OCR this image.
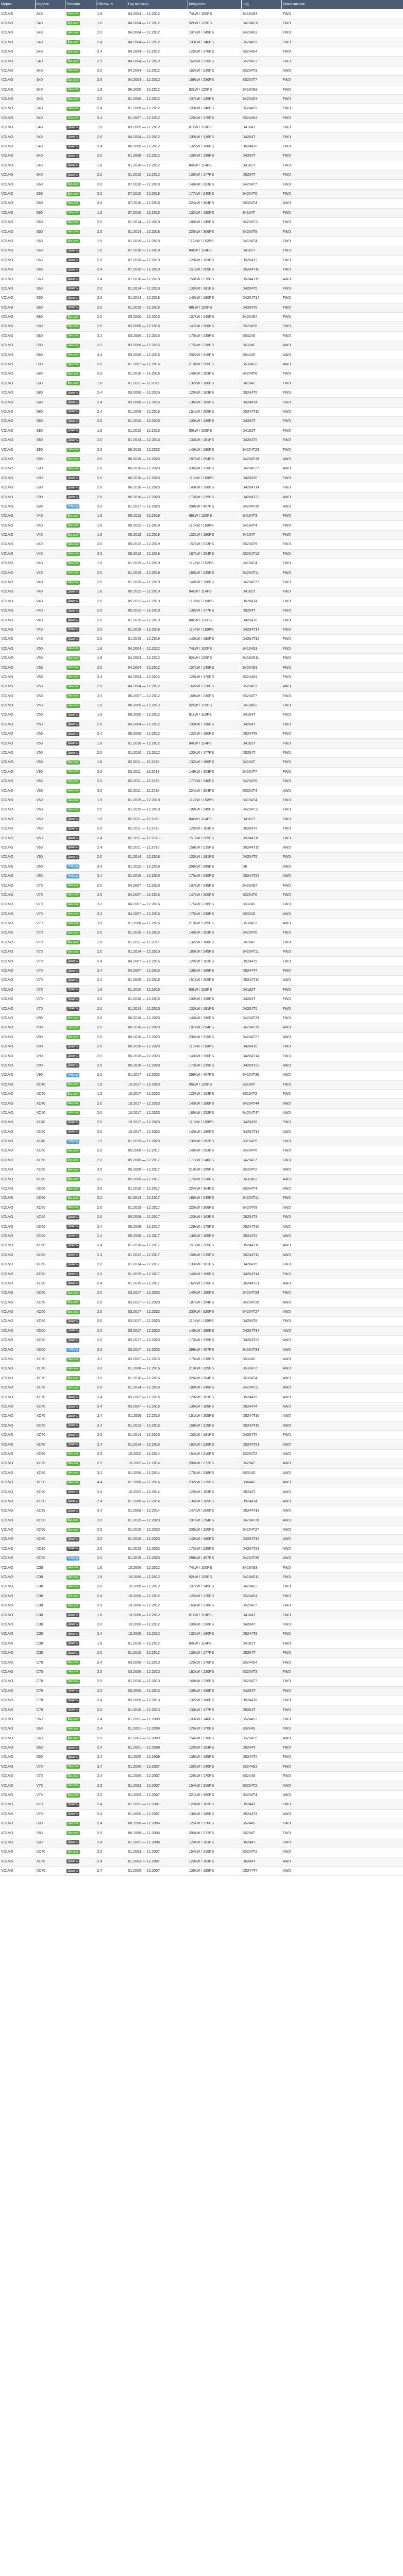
Марка	Модель	Топливо	Объём, л	Год выпуска	Мощность	Код	Трансмиссия
VOLVO	S40	Бензин	1.6	04.2004 — 12.2012	74kW / 100PS	B4164S3	FWD
VOLVO	S40	Бензин	1.8	04.2004 — 12.2012	92kW / 125PS	B4184S11	FWD
VOLVO	S40	Бензин	2.0	04.2004 — 12.2012	107kW / 145PS	B4204S3	FWD
VOLVO	S40	Бензин	2.4	04.2004 — 12.2012	103kW / 140PS	B5244S5	FWD
VOLVO	S40	Бензин	2.4	04.2004 — 12.2012	125kW / 170PS	B5244S4	FWD
VOLVO	S40	Бензин	2.5	04.2004 — 12.2012	162kW / 220PS	B5254T3	FWD
VOLVO	S40	Бензин	2.5	04.2004 — 12.2012	162kW / 220PS	B5254T3	AWD
VOLVO	S40	Бензин	2.5	04.2004 — 12.2012	169kW / 230PS	B5254T7	FWD
VOLVO	S40	Бензин	1.8	06.2005 — 12.2012	92kW / 125PS	B4184S8	FWD
VOLVO	S40	Бензин	2.0	01.2006 — 12.2012	107kW / 145PS	B4204S3	FWD
VOLVO	S40	Бензин	2.4	01.2006 — 12.2012	103kW / 140PS	B5244S5	FWD
VOLVO	S40	Бензин	2.4	01.2007 — 12.2012	125kW / 170PS	B5244S4	FWD
VOLVO	S40	Дизель	1.6	09.2005 — 12.2012	81kW / 110PS	D4164T	FWD
VOLVO	S40	Дизель	2.0	04.2004 — 12.2012	100kW / 136PS	D4204T	FWD
VOLVO	S40	Дизель	2.4	06.2006 — 12.2012	132kW / 180PS	D5244T8	FWD
VOLVO	S40	Дизель	2.0	01.2008 — 12.2012	100kW / 136PS	D4204T	FWD
VOLVO	S40	Дизель	1.6	01.2010 — 12.2012	84kW / 114PS	D4162T	FWD
VOLVO	S40	Дизель	2.0	01.2010 — 12.2012	130kW / 177PS	D5204T	FWD
VOLVO	S60	Бензин	2.0	07.2010 — 12.2018	149kW / 203PS	B4204T7	FWD
VOLVO	S60	Бензин	2.0	07.2010 — 12.2018	177kW / 240PS	B4204T6	FWD
VOLVO	S60	Бензин	3.0	07.2010 — 12.2018	224kW / 304PS	B6304T4	AWD
VOLVO	S60	Бензин	1.6	07.2010 — 12.2018	132kW / 180PS	B4164T	FWD
VOLVO	S60	Бензин	2.0	01.2014 — 12.2018	180kW / 245PS	B4204T11	FWD
VOLVO	S60	Бензин	2.0	01.2014 — 12.2018	225kW / 306PS	B4204T9	FWD
VOLVO	S60	Бензин	1.5	01.2015 — 12.2018	112kW / 152PS	B4154T4	FWD
VOLVO	S60	Дизель	1.6	07.2010 — 12.2018	84kW / 114PS	D4162T	FWD
VOLVO	S60	Дизель	2.0	07.2010 — 12.2018	120kW / 163PS	D5204T3	FWD
VOLVO	S60	Дизель	2.4	07.2010 — 12.2018	151kW / 205PS	D5244T10	FWD
VOLVO	S60	Дизель	2.4	07.2010 — 12.2018	158kW / 215PS	D5244T15	AWD
VOLVO	S60	Дизель	2.0	01.2014 — 12.2018	133kW / 181PS	D4204T5	FWD
VOLVO	S60	Дизель	2.0	01.2014 — 12.2018	140kW / 190PS	D4204T14	FWD
VOLVO	S60	Дизель	2.0	01.2015 — 12.2018	88kW / 120PS	D4204T8	FWD
VOLVO	S80	Бензин	2.0	03.2006 — 12.2016	107kW / 145PS	B4204S4	FWD
VOLVO	S80	Бензин	2.5	03.2006 — 12.2016	147kW / 200PS	B5254T6	FWD
VOLVO	S80	Бензин	3.2	03.2006 — 12.2016	175kW / 238PS	B6324S	FWD
VOLVO	S80	Бензин	3.2	03.2006 — 12.2016	175kW / 238PS	B6324S	AWD
VOLVO	S80	Бензин	4.4	03.2006 — 12.2016	232kW / 315PS	B8444S	AWD
VOLVO	S80	Бензин	3.0	01.2007 — 12.2016	210kW / 285PS	B6304T2	AWD
VOLVO	S80	Бензин	2.0	01.2010 — 12.2016	149kW / 203PS	B4204T6	FWD
VOLVO	S80	Бензин	1.6	01.2011 — 12.2016	132kW / 180PS	B4164T	FWD
VOLVO	S80	Дизель	2.4	03.2006 — 12.2016	120kW / 163PS	D5244T5	FWD
VOLVO	S80	Дизель	2.4	03.2006 — 12.2016	136kW / 185PS	D5244T4	FWD
VOLVO	S80	Дизель	2.4	01.2009 — 12.2016	151kW / 205PS	D5244T10	AWD
VOLVO	S80	Дизель	2.0	01.2010 — 12.2016	100kW / 136PS	D4204T	FWD
VOLVO	S80	Дизель	1.6	01.2010 — 12.2016	80kW / 109PS	D4162T	FWD
VOLVO	S80	Дизель	2.0	01.2014 — 12.2016	133kW / 181PS	D4204T5	FWD
VOLVO	S90	Бензин	2.0	06.2016 — 12.2023	140kW / 190PS	B4204T23	FWD
VOLVO	S90	Бензин	2.0	06.2016 — 12.2023	187kW / 254PS	B4204T19	AWD
VOLVO	S90	Бензин	2.0	06.2016 — 12.2023	235kW / 320PS	B4204T27	AWD
VOLVO	S90	Дизель	2.0	06.2016 — 12.2023	110kW / 150PS	D4204T8	FWD
VOLVO	S90	Дизель	2.0	06.2016 — 12.2023	140kW / 190PS	D4204T14	FWD
VOLVO	S90	Дизель	2.0	06.2016 — 12.2023	173kW / 235PS	D4204T23	AWD
VOLVO	S90	Гибрид	2.0	01.2017 — 12.2023	299kW / 407PS	B4204T35	AWD
VOLVO	V40	Бензин	1.6	05.2012 — 12.2019	88kW / 120PS	B4164T3	FWD
VOLVO	V40	Бензин	1.6	05.2012 — 12.2019	110kW / 150PS	B4164T4	FWD
VOLVO	V40	Бензин	1.6	05.2012 — 12.2019	132kW / 180PS	B4164T	FWD
VOLVO	V40	Бензин	2.0	05.2012 — 12.2019	157kW / 213PS	B5204T9	FWD
VOLVO	V40	Бензин	2.5	05.2012 — 12.2019	187kW / 254PS	B5254T12	FWD
VOLVO	V40	Бензин	1.5	01.2015 — 12.2019	112kW / 152PS	B4154T4	FWD
VOLVO	V40	Бензин	2.0	01.2015 — 12.2019	180kW / 245PS	B4204T11	FWD
VOLVO	V40	Бензин	2.0	01.2015 — 12.2019	140kW / 190PS	B4204T37	FWD
VOLVO	V40	Дизель	1.6	05.2012 — 12.2019	84kW / 114PS	D4162T	FWD
VOLVO	V40	Дизель	2.0	05.2012 — 12.2019	110kW / 150PS	D5204T4	FWD
VOLVO	V40	Дизель	2.0	05.2012 — 12.2019	130kW / 177PS	D5204T	FWD
VOLVO	V40	Дизель	2.0	01.2015 — 12.2019	88kW / 120PS	D4204T8	FWD
VOLVO	V40	Дизель	2.0	01.2015 — 12.2019	110kW / 150PS	D4204T14	FWD
VOLVO	V40	Дизель	2.0	01.2015 — 12.2019	140kW / 190PS	D4204T12	FWD
VOLVO	V50	Бензин	1.6	04.2004 — 12.2012	74kW / 100PS	B4164S3	FWD
VOLVO	V50	Бензин	1.8	04.2004 — 12.2012	92kW / 125PS	B4184S11	FWD
VOLVO	V50	Бензин	2.0	04.2004 — 12.2012	107kW / 145PS	B4204S3	FWD
VOLVO	V50	Бензин	2.4	04.2004 — 12.2012	125kW / 170PS	B5244S4	FWD
VOLVO	V50	Бензин	2.5	04.2004 — 12.2012	162kW / 220PS	B5254T3	AWD
VOLVO	V50	Бензин	2.5	06.2007 — 12.2012	169kW / 230PS	B5254T7	FWD
VOLVO	V50	Бензин	1.8	06.2005 — 12.2012	92kW / 125PS	B4184S8	FWD
VOLVO	V50	Дизель	1.6	09.2005 — 12.2012	81kW / 110PS	D4164T	FWD
VOLVO	V50	Дизель	2.0	04.2004 — 12.2012	100kW / 136PS	D4204T	FWD
VOLVO	V50	Дизель	2.4	06.2006 — 12.2012	132kW / 180PS	D5244T8	FWD
VOLVO	V50	Дизель	1.6	01.2010 — 12.2012	84kW / 114PS	D4162T	FWD
VOLVO	V50	Дизель	2.0	01.2010 — 12.2012	130kW / 177PS	D5204T	FWD
VOLVO	V60	Бензин	1.6	02.2011 — 12.2018	132kW / 180PS	B4164T	FWD
VOLVO	V60	Бензин	2.0	02.2011 — 12.2018	149kW / 203PS	B4204T7	FWD
VOLVO	V60	Бензин	2.0	02.2011 — 12.2018	177kW / 240PS	B4204T6	FWD
VOLVO	V60	Бензин	3.0	02.2011 — 12.2018	224kW / 304PS	B6304T4	AWD
VOLVO	V60	Бензин	1.5	01.2015 — 12.2018	112kW / 152PS	B4154T4	FWD
VOLVO	V60	Бензин	2.0	01.2015 — 12.2018	180kW / 245PS	B4204T11	FWD
VOLVO	V60	Дизель	1.6	02.2011 — 12.2018	84kW / 114PS	D4162T	FWD
VOLVO	V60	Дизель	2.0	02.2011 — 12.2018	120kW / 163PS	D5204T3	FWD
VOLVO	V60	Дизель	2.4	02.2011 — 12.2018	151kW / 205PS	D5244T10	FWD
VOLVO	V60	Дизель	2.4	02.2011 — 12.2018	158kW / 215PS	D5244T15	AWD
VOLVO	V60	Дизель	2.0	01.2014 — 12.2018	133kW / 181PS	D4204T5	FWD
VOLVO	V60	Гибрид	2.4	01.2012 — 12.2018	209kW / 285PS	D6	AWD
VOLVO	V60	Гибрид	2.4	01.2015 — 12.2018	170kW / 230PS	D5244T22	AWD
VOLVO	V70	Бензин	2.0	04.2007 — 12.2016	107kW / 145PS	B4204S4	FWD
VOLVO	V70	Бензин	2.5	04.2007 — 12.2016	147kW / 200PS	B5254T6	FWD
VOLVO	V70	Бензин	3.2	04.2007 — 12.2016	175kW / 238PS	B6324S	FWD
VOLVO	V70	Бензин	3.2	04.2007 — 12.2016	175kW / 238PS	B6324S	AWD
VOLVO	V70	Бензин	3.0	01.2008 — 12.2016	210kW / 285PS	B6304T2	AWD
VOLVO	V70	Бензин	2.0	01.2010 — 12.2016	149kW / 203PS	B4204T6	FWD
VOLVO	V70	Бензин	1.6	01.2011 — 12.2016	132kW / 180PS	B4164T	FWD
VOLVO	V70	Бензин	2.0	01.2014 — 12.2016	180kW / 245PS	B4204T11	FWD
VOLVO	V70	Дизель	2.4	04.2007 — 12.2016	120kW / 163PS	D5244T5	FWD
VOLVO	V70	Дизель	2.4	04.2007 — 12.2016	136kW / 185PS	D5244T4	FWD
VOLVO	V70	Дизель	2.4	01.2009 — 12.2016	151kW / 205PS	D5244T10	AWD
VOLVO	V70	Дизель	1.6	01.2010 — 12.2016	80kW / 109PS	D4162T	FWD
VOLVO	V70	Дизель	2.0	01.2010 — 12.2016	100kW / 136PS	D4204T	FWD
VOLVO	V70	Дизель	2.0	01.2014 — 12.2016	133kW / 181PS	D4204T5	FWD
VOLVO	V90	Бензин	2.0	06.2016 — 12.2023	140kW / 190PS	B4204T23	FWD
VOLVO	V90	Бензин	2.0	06.2016 — 12.2023	187kW / 254PS	B4204T19	AWD
VOLVO	V90	Бензин	2.0	06.2016 — 12.2023	235kW / 320PS	B4204T27	AWD
VOLVO	V90	Дизель	2.0	06.2016 — 12.2023	110kW / 150PS	D4204T8	FWD
VOLVO	V90	Дизель	2.0	06.2016 — 12.2023	140kW / 190PS	D4204T14	FWD
VOLVO	V90	Дизель	2.0	06.2016 — 12.2023	173kW / 235PS	D4204T23	AWD
VOLVO	V90	Гибрид	2.0	01.2017 — 12.2023	299kW / 407PS	B4204T35	AWD
VOLVO	XC40	Бензин	1.5	10.2017 — 12.2023	95kW / 129PS	B3154T	FWD
VOLVO	XC40	Бензин	1.5	10.2017 — 12.2023	120kW / 163PS	B3154T2	FWD
VOLVO	XC40	Бензин	2.0	10.2017 — 12.2023	140kW / 190PS	B4204T44	AWD
VOLVO	XC40	Бензин	2.0	10.2017 — 12.2023	185kW / 252PS	B4204T47	AWD
VOLVO	XC40	Дизель	2.0	10.2017 — 12.2023	110kW / 150PS	D4204T8	FWD
VOLVO	XC40	Дизель	2.0	10.2017 — 12.2023	140kW / 190PS	D4204T14	AWD
VOLVO	XC40	Гибрид	1.5	01.2019 — 12.2023	192kW / 262PS	B3154T5	FWD
VOLVO	XC60	Бензин	2.0	05.2008 — 12.2017	149kW / 203PS	B4204T6	FWD
VOLVO	XC60	Бензин	2.0	05.2008 — 12.2017	177kW / 240PS	B4204T7	FWD
VOLVO	XC60	Бензин	3.0	05.2008 — 12.2017	210kW / 285PS	B6304T2	AWD
VOLVO	XC60	Бензин	3.2	05.2008 — 12.2017	175kW / 238PS	B6324S5	AWD
VOLVO	XC60	Бензин	3.0	01.2010 — 12.2017	224kW / 304PS	B6304T4	AWD
VOLVO	XC60	Бензин	2.0	01.2014 — 12.2017	180kW / 245PS	B4204T11	FWD
VOLVO	XC60	Бензин	2.0	01.2015 — 12.2017	225kW / 306PS	B4204T9	AWD
VOLVO	XC60	Дизель	2.0	05.2008 — 12.2017	120kW / 163PS	D5204T3	FWD
VOLVO	XC60	Дизель	2.4	05.2008 — 12.2017	129kW / 175PS	D5244T15	AWD
VOLVO	XC60	Дизель	2.4	05.2008 — 12.2017	136kW / 185PS	D5244T4	AWD
VOLVO	XC60	Дизель	2.4	01.2010 — 12.2017	151kW / 205PS	D5244T10	AWD
VOLVO	XC60	Дизель	2.4	01.2012 — 12.2017	158kW / 215PS	D5244T11	AWD
VOLVO	XC60	Дизель	2.0	01.2014 — 12.2017	133kW / 181PS	D4204T5	FWD
VOLVO	XC60	Дизель	2.0	01.2015 — 12.2017	140kW / 190PS	D4204T14	FWD
VOLVO	XC60	Дизель	2.4	01.2015 — 12.2017	162kW / 220PS	D5244T21	AWD
VOLVO	XC60	Бензин	2.0	03.2017 — 12.2023	140kW / 190PS	B4204T23	FWD
VOLVO	XC60	Бензин	2.0	03.2017 — 12.2023	187kW / 254PS	B4204T26	AWD
VOLVO	XC60	Бензин	2.0	03.2017 — 12.2023	235kW / 320PS	B4204T27	AWD
VOLVO	XC60	Дизель	2.0	03.2017 — 12.2023	110kW / 150PS	D4204T8	FWD
VOLVO	XC60	Дизель	2.0	03.2017 — 12.2023	140kW / 190PS	D4204T14	AWD
VOLVO	XC60	Дизель	2.0	03.2017 — 12.2023	173kW / 235PS	D4204T23	AWD
VOLVO	XC60	Гибрид	2.0	03.2017 — 12.2023	299kW / 407PS	B4204T34	AWD
VOLVO	XC70	Бензин	3.2	03.2007 — 12.2016	175kW / 238PS	B6324S	AWD
VOLVO	XC70	Бензин	3.0	01.2008 — 12.2016	210kW / 285PS	B6304T2	AWD
VOLVO	XC70	Бензин	3.0	01.2010 — 12.2016	224kW / 304PS	B6304T4	AWD
VOLVO	XC70	Бензин	2.0	01.2014 — 12.2016	180kW / 245PS	B4204T11	AWD
VOLVO	XC70	Дизель	2.4	03.2007 — 12.2016	120kW / 163PS	D5244T5	AWD
VOLVO	XC70	Дизель	2.4	03.2007 — 12.2016	136kW / 185PS	D5244T4	AWD
VOLVO	XC70	Дизель	2.4	01.2009 — 12.2016	151kW / 205PS	D5244T10	AWD
VOLVO	XC70	Дизель	2.4	01.2012 — 12.2016	158kW / 215PS	D5244T15	AWD
VOLVO	XC70	Дизель	2.0	01.2014 — 12.2016	133kW / 181PS	D4204T5	FWD
VOLVO	XC70	Дизель	2.4	01.2014 — 12.2016	162kW / 220PS	D5244T21	AWD
VOLVO	XC90	Бензин	2.5	10.2002 — 12.2014	154kW / 210PS	B5254T2	AWD
VOLVO	XC90	Бензин	2.9	10.2002 — 12.2014	200kW / 272PS	B6294T	AWD
VOLVO	XC90	Бензин	3.2	01.2006 — 12.2014	175kW / 238PS	B6324S	AWD
VOLVO	XC90	Бензин	4.4	01.2006 — 12.2014	232kW / 315PS	B8444S	AWD
VOLVO	XC90	Дизель	2.4	10.2002 — 12.2014	120kW / 163PS	D5244T	AWD
VOLVO	XC90	Дизель	2.4	01.2006 — 12.2014	136kW / 185PS	D5244T4	AWD
VOLVO	XC90	Дизель	2.4	01.2009 — 12.2014	147kW / 200PS	D5244T18	AWD
VOLVO	XC90	Бензин	2.0	01.2015 — 12.2023	187kW / 254PS	B4204T26	AWD
VOLVO	XC90	Бензин	2.0	01.2015 — 12.2023	235kW / 320PS	B4204T27	AWD
VOLVO	XC90	Дизель	2.0	01.2015 — 12.2023	140kW / 190PS	D4204T14	AWD
VOLVO	XC90	Дизель	2.0	01.2015 — 12.2023	173kW / 235PS	D4204T23	AWD
VOLVO	XC90	Гибрид	2.0	01.2015 — 12.2023	299kW / 407PS	B4204T35	AWD
VOLVO	C30	Бензин	1.6	10.2006 — 12.2012	74kW / 100PS	B4164S3	FWD
VOLVO	C30	Бензин	1.8	10.2006 — 12.2012	92kW / 125PS	B4184S11	FWD
VOLVO	C30	Бензин	2.0	10.2006 — 12.2012	107kW / 145PS	B4204S3	FWD
VOLVO	C30	Бензин	2.4	10.2006 — 12.2012	125kW / 170PS	B5244S4	FWD
VOLVO	C30	Бензин	2.5	10.2006 — 12.2012	169kW / 230PS	B5254T7	FWD
VOLVO	C30	Дизель	1.6	10.2006 — 12.2012	81kW / 110PS	D4164T	FWD
VOLVO	C30	Дизель	2.0	10.2006 — 12.2012	100kW / 136PS	D4204T	FWD
VOLVO	C30	Дизель	2.4	10.2006 — 12.2012	132kW / 180PS	D5244T8	FWD
VOLVO	C30	Дизель	1.6	01.2010 — 12.2012	84kW / 114PS	D4162T	FWD
VOLVO	C30	Дизель	2.0	01.2010 — 12.2012	130kW / 177PS	D5204T	FWD
VOLVO	C70	Бензин	2.4	03.2006 — 12.2013	125kW / 170PS	B5244S4	FWD
VOLVO	C70	Бензин	2.5	03.2006 — 12.2013	162kW / 220PS	B5254T3	FWD
VOLVO	C70	Бензин	2.5	01.2010 — 12.2013	169kW / 230PS	B5254T7	FWD
VOLVO	C70	Дизель	2.0	03.2006 — 12.2013	100kW / 136PS	D4204T	FWD
VOLVO	C70	Дизель	2.4	03.2006 — 12.2013	132kW / 180PS	D5244T8	FWD
VOLVO	C70	Дизель	2.0	01.2010 — 12.2013	130kW / 177PS	D5204T	FWD
VOLVO	S60	Бензин	2.4	01.2001 — 12.2009	103kW / 140PS	B5244S2	FWD
VOLVO	S60	Бензин	2.4	01.2001 — 12.2009	125kW / 170PS	B5244S	FWD
VOLVO	S60	Бензин	2.5	01.2003 — 12.2009	154kW / 210PS	B5254T2	AWD
VOLVO	S60	Дизель	2.4	01.2001 — 12.2009	120kW / 163PS	D5244T	FWD
VOLVO	S60	Дизель	2.4	01.2005 — 12.2009	136kW / 185PS	D5244T4	FWD
VOLVO	V70	Бензин	2.4	01.2000 — 12.2007	103kW / 140PS	B5244S2	FWD
VOLVO	V70	Бензин	2.4	01.2000 — 12.2007	125kW / 170PS	B5244S	FWD
VOLVO	V70	Бензин	2.5	01.2003 — 12.2007	154kW / 210PS	B5254T2	AWD
VOLVO	V70	Бензин	2.5	01.2003 — 12.2007	221kW / 300PS	B5254T4	AWD
VOLVO	V70	Дизель	2.4	01.2001 — 12.2007	120kW / 163PS	D5244T	FWD
VOLVO	V70	Дизель	2.4	01.2005 — 12.2007	136kW / 185PS	D5244T4	AWD
VOLVO	S80	Бензин	2.4	06.1998 — 12.2006	125kW / 170PS	B5244S	FWD
VOLVO	S80	Бензин	2.9	06.1998 — 12.2006	200kW / 272PS	B6294T	FWD
VOLVO	S80	Дизель	2.4	01.2001 — 12.2006	120kW / 163PS	D5244T	FWD
VOLVO	XC70	Бензин	2.5	01.2003 — 12.2007	154kW / 210PS	B5254T2	AWD
VOLVO	XC70	Дизель	2.4	01.2003 — 12.2007	120kW / 163PS	D5244T	AWD
VOLVO	XC70	Дизель	2.4	01.2005 — 12.2007	136kW / 185PS	D5244T4	AWD
